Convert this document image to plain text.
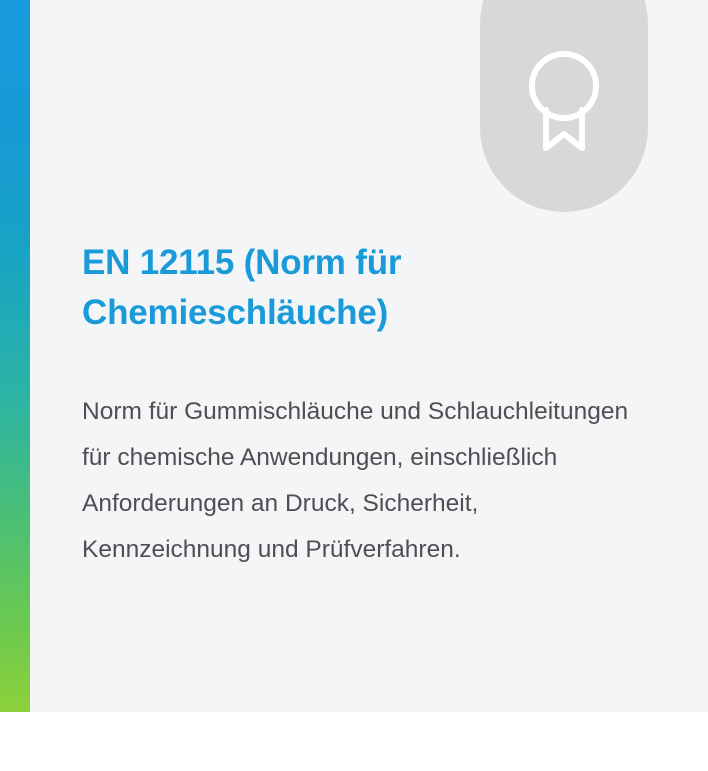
EN 12115 (Norm für Chemieschläuche)

Norm für Gummischläuche und Schlauchleitungen für chemische Anwendungen, einschließlich Anforderungen an Druck, Sicherheit, Kennzeichnung und Prüfverfahren.
